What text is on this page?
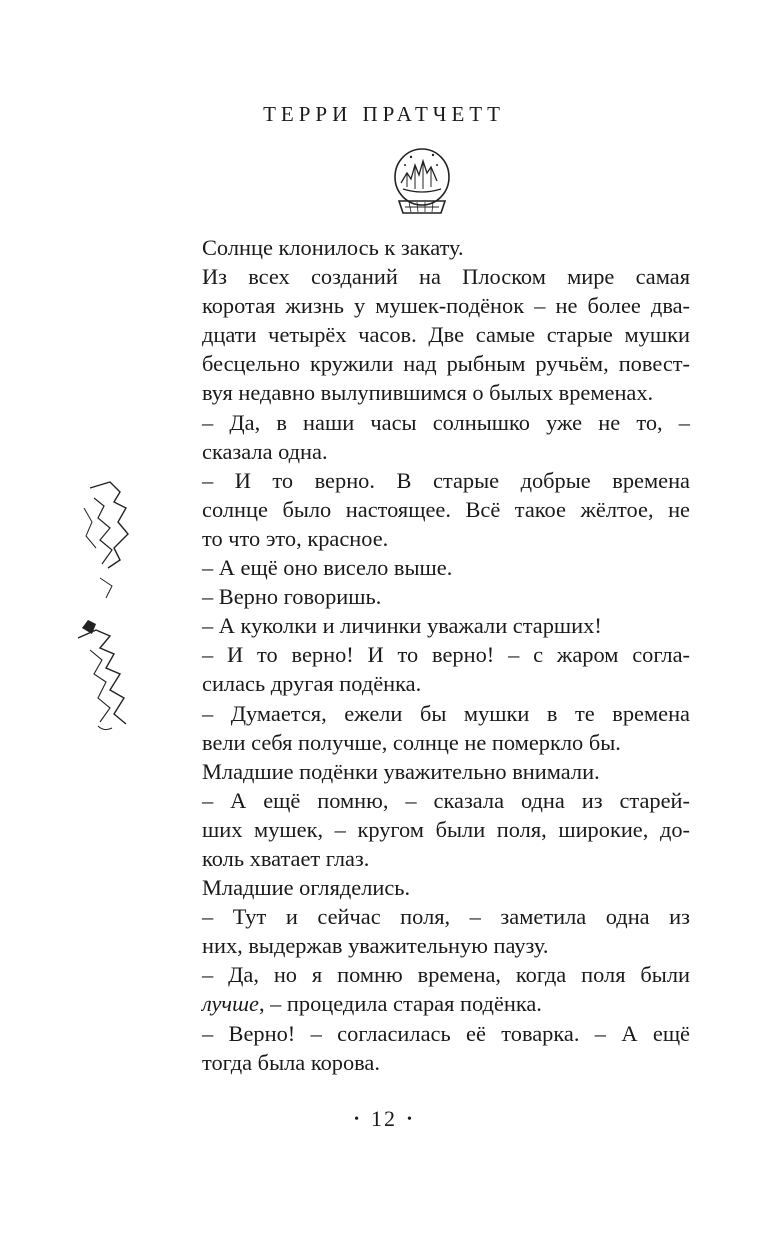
ТЕРРИ ПРАТЧЕТТ

Солнце клонилось к закату.

Из всех созданий на Плоском мире самая
коротая жизнь у мушек-подёнок – не более два-
дцати четырёх часов. Две самые старые мушки
бесцельно кружили над рыбным ручьём, повест-
вуя недавно вылупившимся о былых временах.

– Да, в наши часы солнышко уже не то, –
сказала одна.

– И то верно. В старые добрые времена
солнце было настоящее. Всё такое жёлтое, не
то что это, красное.

– А ещё оно висело выше.

– Верно говоришь.

– А куколки и личинки уважали старших!

– И то верно! И то верно! – с жаром согла-
силась другая подёнка.

– Думается, ежели бы мушки в те времена
вели себя получше, солнце не померкло бы.

Младшие подёнки уважительно внимали.

– А ещё помню, – сказала одна из старей-
ших мушек, – кругом были поля, широкие, до-
коль хватает глаз.

Младшие огляделись.

– Тут и сейчас поля, – заметила одна из
них, выдержав уважительную паузу.

– Да, но я помню времена, когда поля были
лучше, – процедила старая подёнка.

– Верно! – согласилась её товарка. – А ещё
тогда была корова.

• 12 •
